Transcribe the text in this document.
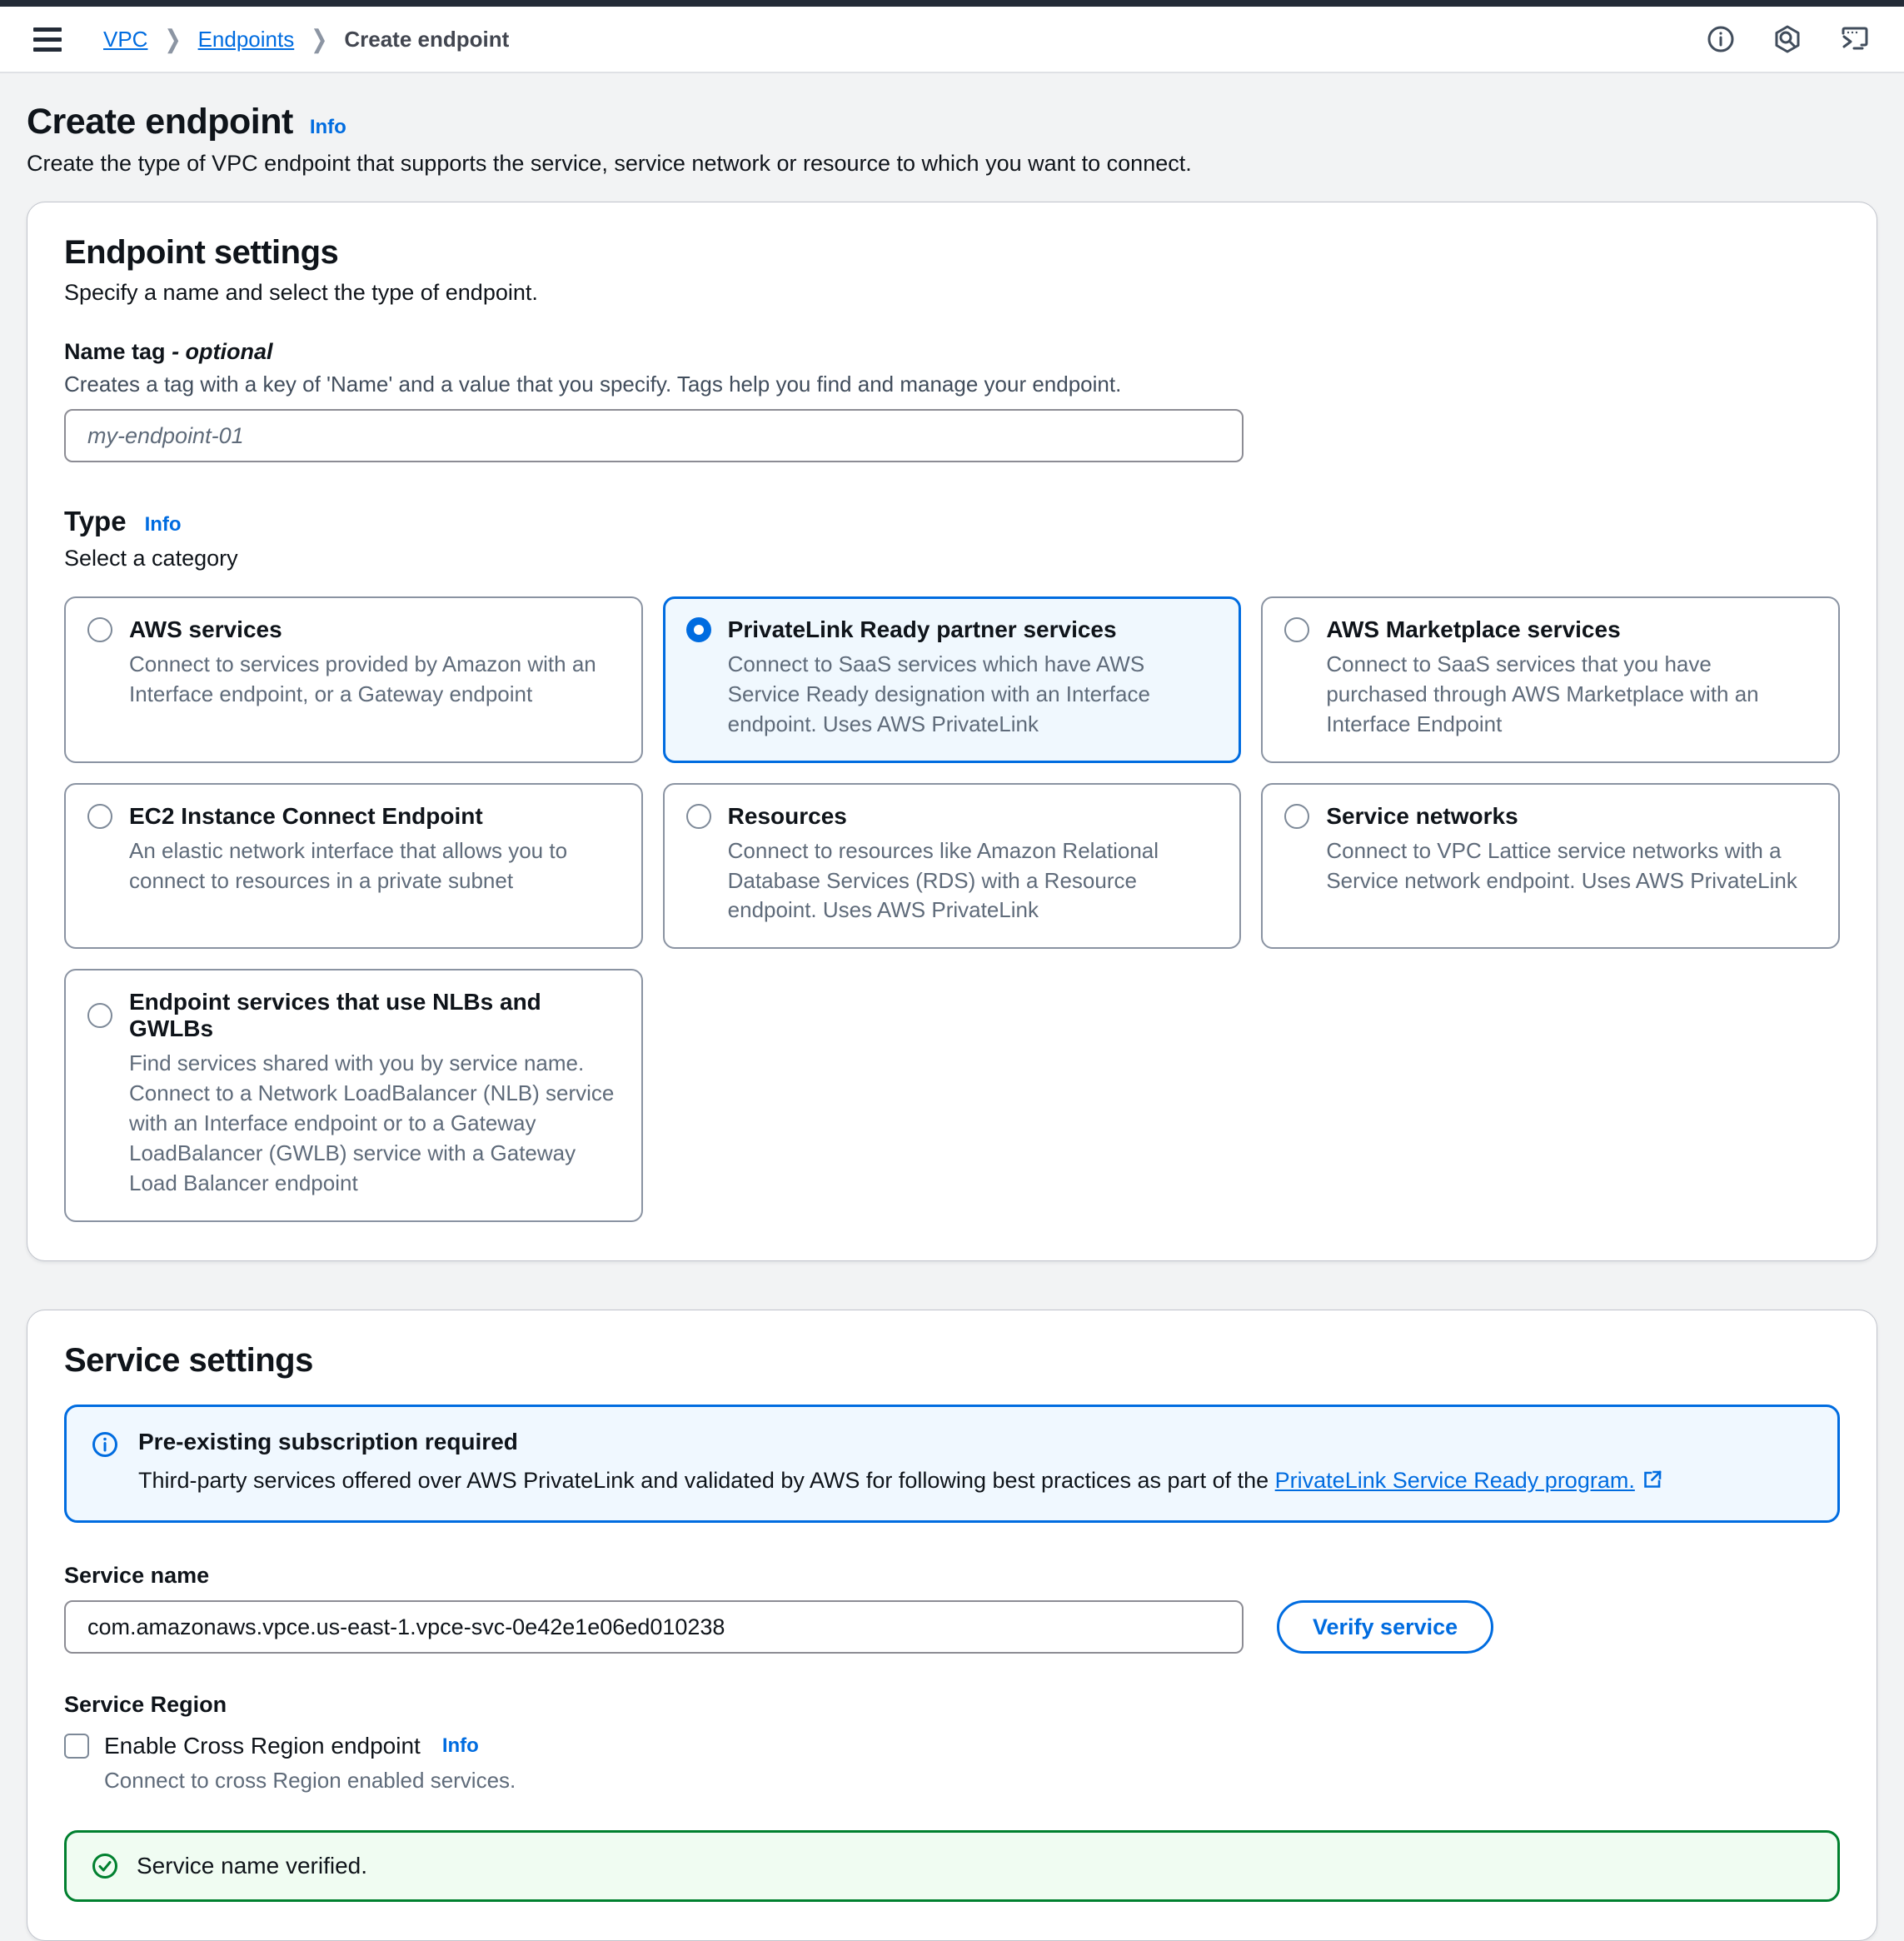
VPC ❯ Endpoints ❯ Create endpoint
Create endpoint Info

Create the type of VPC endpoint that supports the service, service network or resource to which you want to connect.

Endpoint settings

Specify a name and select the type of endpoint.

Name tag - optional

Creates a tag with a key of 'Name' and a value that you specify. Tags help you find and manage your endpoint.

my-endpoint-01
Type Info

Select a category

AWS services
Connect to services provided by Amazon with an Interface endpoint, or a Gateway endpoint
PrivateLink Ready partner services
Connect to SaaS services which have AWS Service Ready designation with an Interface endpoint. Uses AWS PrivateLink
AWS Marketplace services
Connect to SaaS services that you have purchased through AWS Marketplace with an Interface Endpoint
EC2 Instance Connect Endpoint
An elastic network interface that allows you to connect to resources in a private subnet
Resources
Connect to resources like Amazon Relational Database Services (RDS) with a Resource endpoint. Uses AWS PrivateLink
Service networks
Connect to VPC Lattice service networks with a Service network endpoint. Uses AWS PrivateLink
Endpoint services that use NLBs and GWLBs
Find services shared with you by service name. Connect to a Network LoadBalancer (NLB) service with an Interface endpoint or to a Gateway LoadBalancer (GWLB) service with a Gateway Load Balancer endpoint
Service settings
Pre-existing subscription required
Third-party services offered over AWS PrivateLink and validated by AWS for following best practices as part of the PrivateLink Service Ready program.
Service name
com.amazonaws.vpce.us-east-1.vpce-svc-0e42e1e06ed010238
Verify service
Service Region
Enable Cross Region endpoint Info

Connect to cross Region enabled services.

Service name verified.
